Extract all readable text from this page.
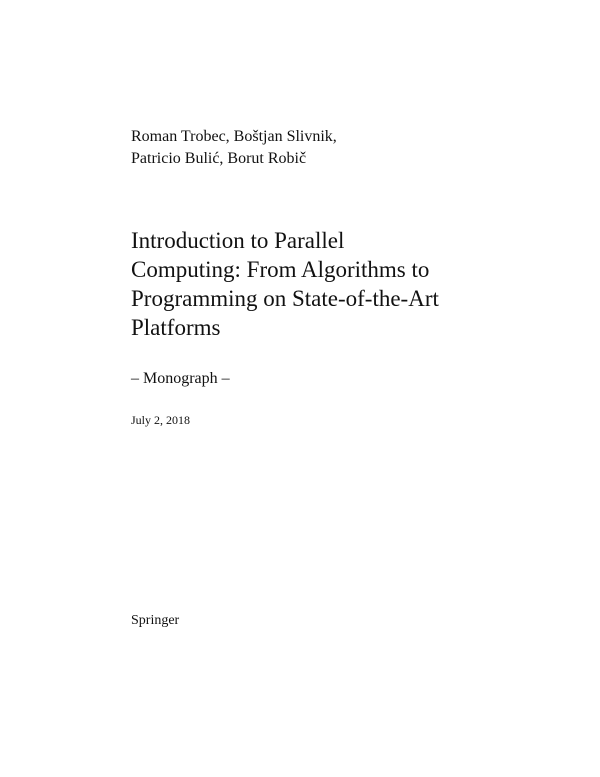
Roman Trobec, Boštjan Slivnik,
Patricio Bulić, Borut Robič
Introduction to Parallel
Computing: From Algorithms to
Programming on State-of-the-Art
Platforms
– Monograph –
July 2, 2018
Springer
